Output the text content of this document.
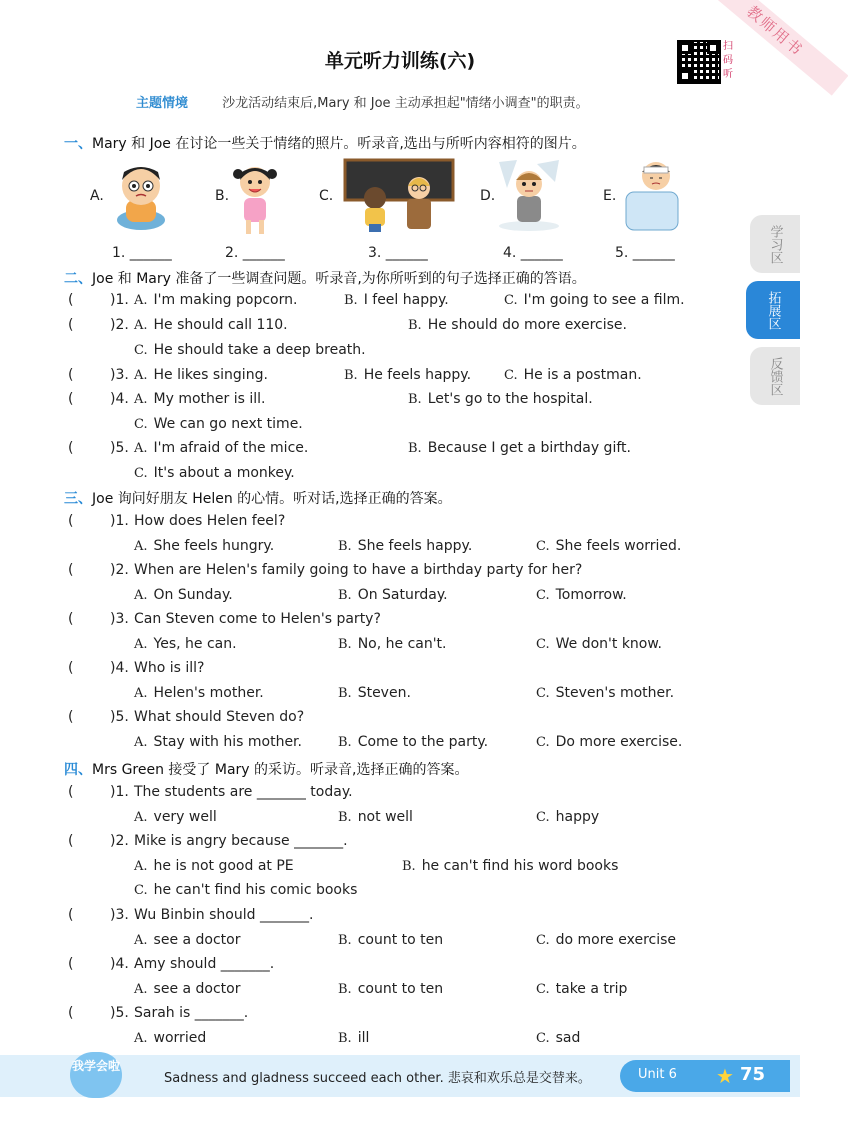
教师用书
单元听力训练(六)
扫码听
主题情境	沙龙活动结束后,Mary 和 Joe 主动承担起"情绪小调查"的职责。
一、Mary 和 Joe 在讨论一些关于情绪的照片。听录音,选出与所听内容相符的图片。
A.	B.	C.	D.	E.
1. ______	2. ______	3. ______	4. ______	5. ______	学习区
拓展区
反馈区
二、Joe 和 Mary 准备了一些调查问题。听录音,为你所听到的句子选择正确的答语。
(	)1. A. I'm making popcorn.	B. I feel happy.	C. I'm going to see a film.
(	)2. A. He should call 110.	B. He should do more exercise.
C. He should take a deep breath.
(	)3. A. He likes singing.	B. He feels happy.	C. He is a postman.
(	)4. A. My mother is ill.	B. Let's go to the hospital.
C. We can go next time.
(	)5. A. I'm afraid of the mice.	B. Because I get a birthday gift.
C. It's about a monkey.
三、Joe 询问好朋友 Helen 的心情。听对话,选择正确的答案。
(	)1. How does Helen feel?
A. She feels hungry.	B. She feels happy.	C. She feels worried.
(	)2. When are Helen's family going to have a birthday party for her?
A. On Sunday.	B. On Saturday.	C. Tomorrow.
(	)3. Can Steven come to Helen's party?
A. Yes, he can.	B. No, he can't.	C. We don't know.
(	)4. Who is ill?
A. Helen's mother.	B. Steven.	C. Steven's mother.
(	)5. What should Steven do?
A. Stay with his mother.	B. Come to the party.	C. Do more exercise.
四、Mrs Green 接受了 Mary 的采访。听录音,选择正确的答案。
(	)1. The students are _______ today.
A. very well	B. not well	C. happy
(	)2. Mike is angry because _______.
A. he is not good at PE	B. he can't find his word books
C. he can't find his comic books
(	)3. Wu Binbin should _______.
A. see a doctor	B. count to ten	C. do more exercise
(	)4. Amy should _______.
A. see a doctor	B. count to ten	C. take a trip
(	)5. Sarah is _______.
A. worried	B. ill	C. sad
Sadness and gladness succeed each other. 悲哀和欢乐总是交替来。
我学会啦
Unit 6 ★ 75
